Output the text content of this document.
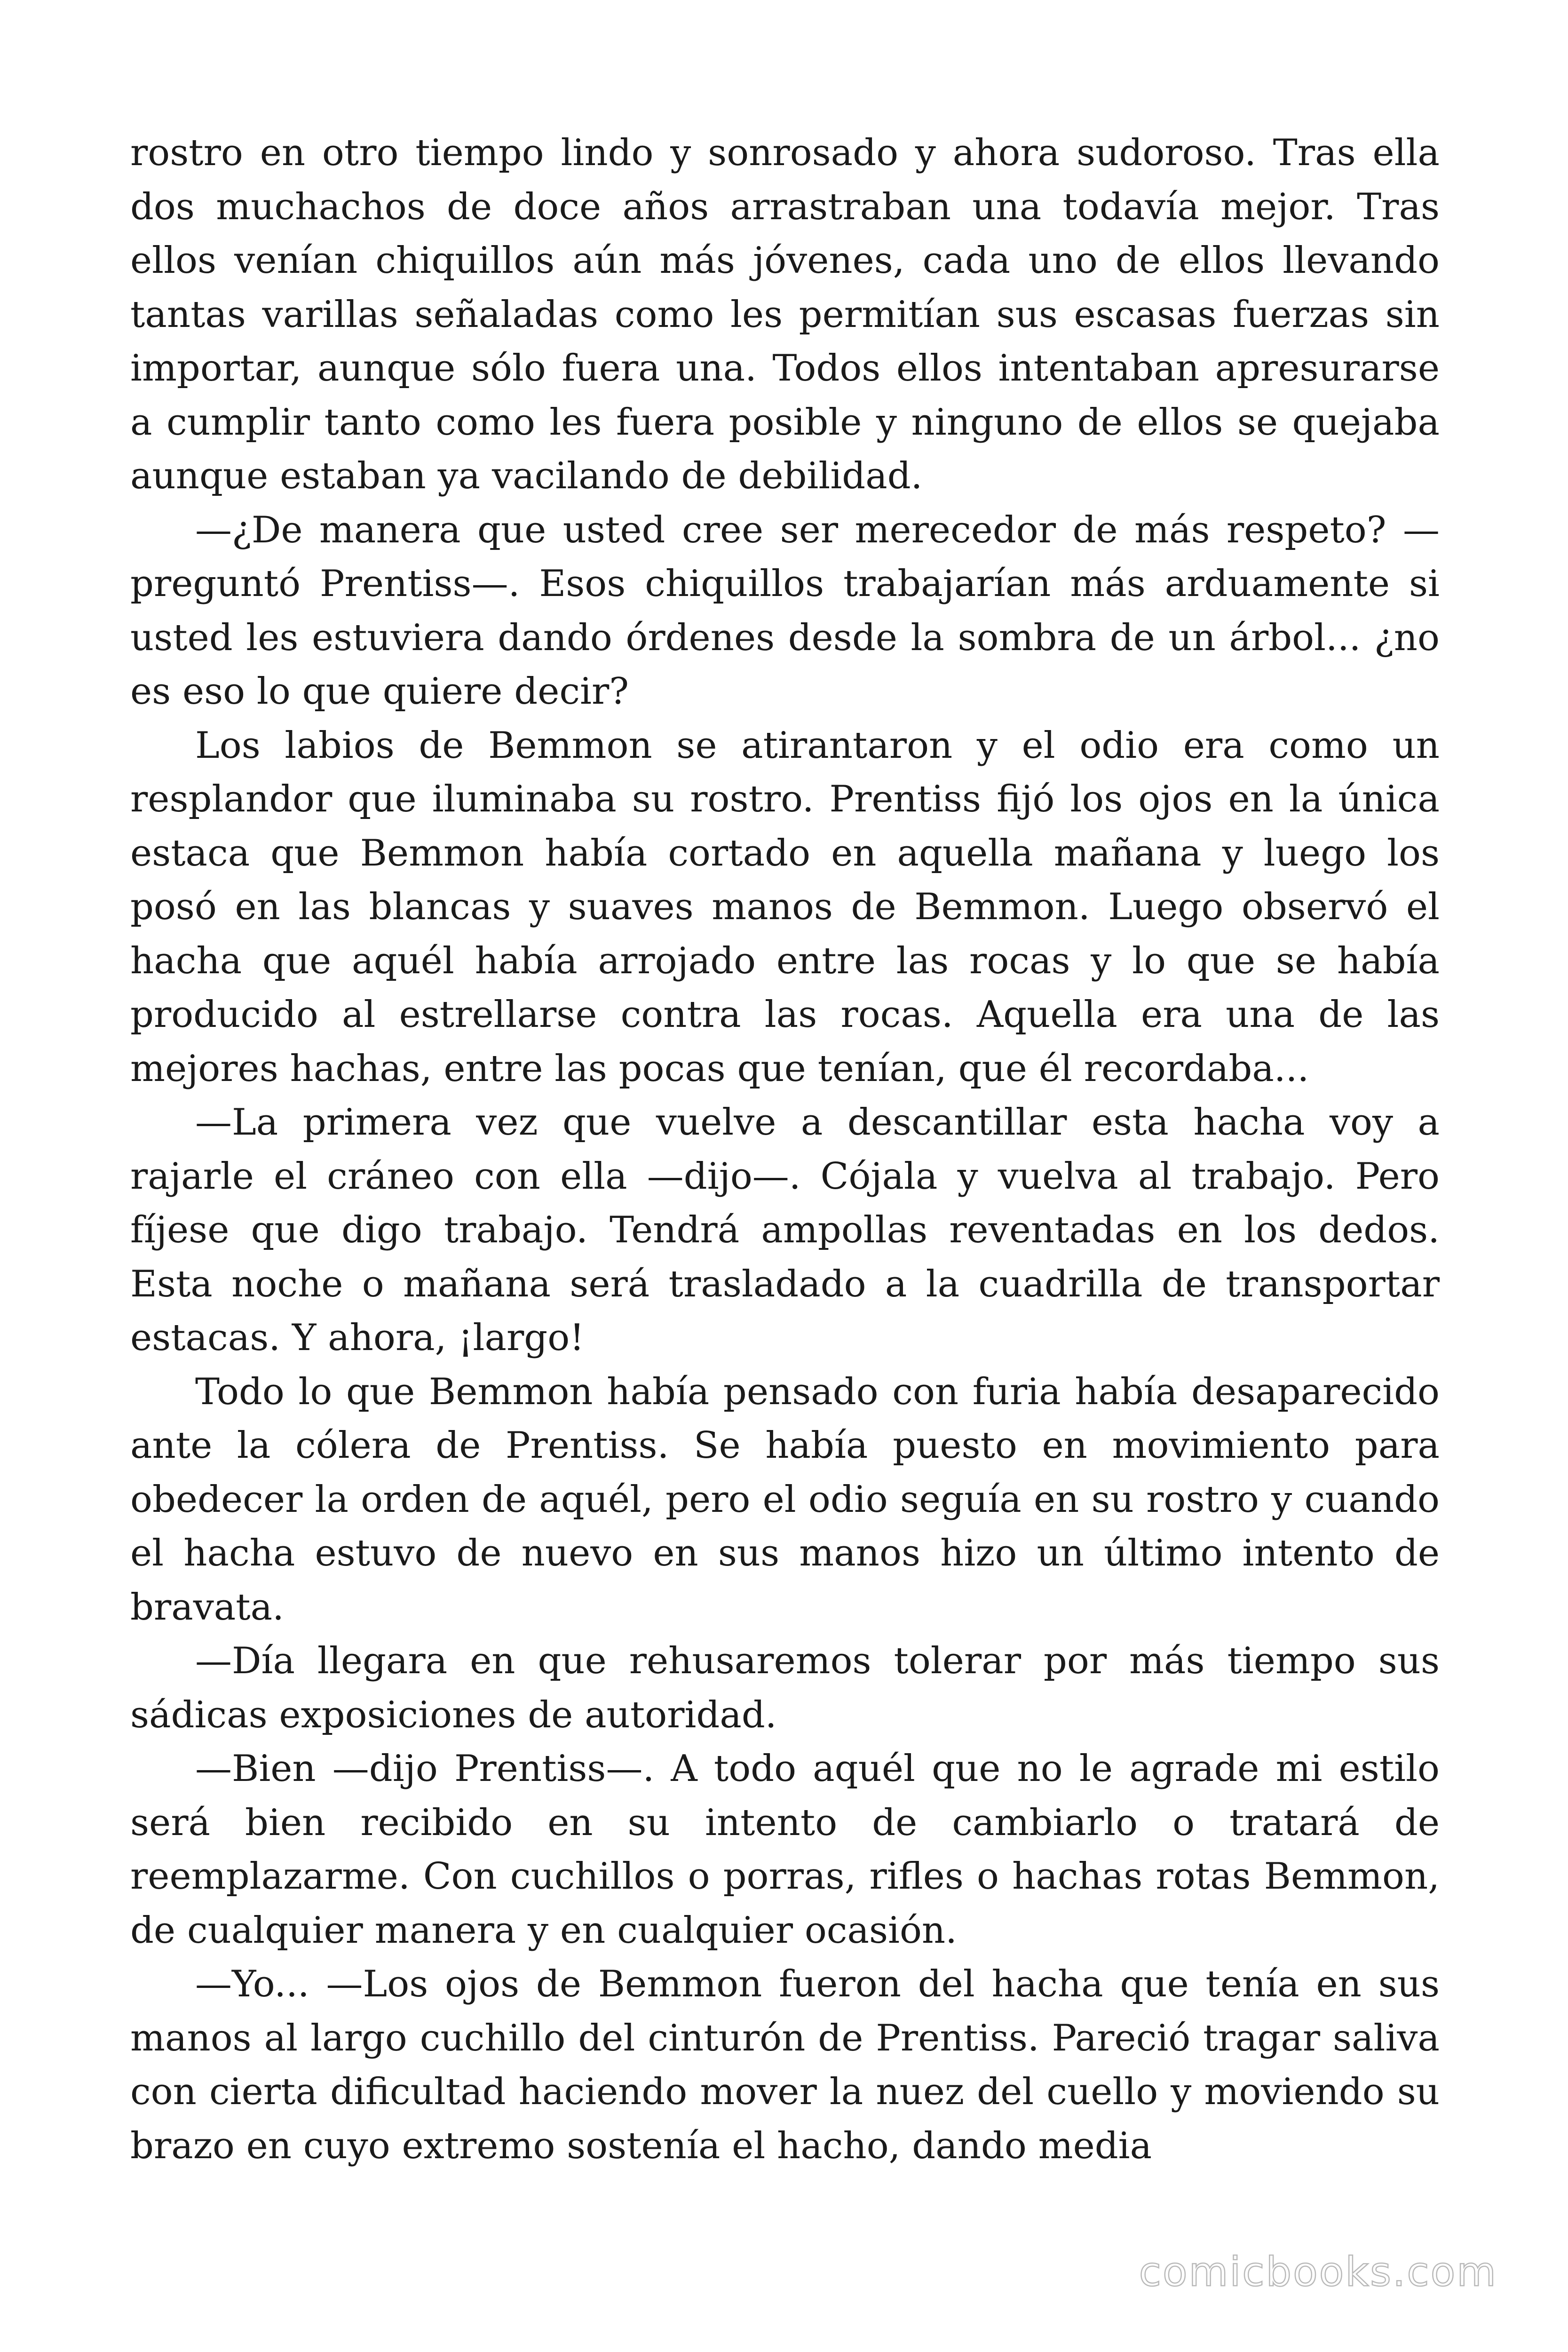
rostro en otro tiempo lindo y sonrosado y ahora sudoroso. Tras ella dos muchachos de doce años arrastraban una todavía mejor. Tras ellos venían chiquillos aún más jóvenes, cada uno de ellos llevando tantas varillas señaladas como les permitían sus escasas fuerzas sin importar, aunque sólo fuera una. Todos ellos intentaban apresurarse a cumplir tanto como les fuera posible y ninguno de ellos se quejaba aunque estaban ya vacilando de debilidad.

—¿De manera que usted cree ser merecedor de más respeto? —preguntó Prentiss—. Esos chiquillos trabajarían más arduamente si usted les estuviera dando órdenes desde la sombra de un árbol... ¿no es eso lo que quiere decir?

Los labios de Bemmon se atirantaron y el odio era como un resplandor que iluminaba su rostro. Prentiss fijó los ojos en la única estaca que Bemmon había cortado en aquella mañana y luego los posó en las blancas y suaves manos de Bemmon. Luego observó el hacha que aquél había arrojado entre las rocas y lo que se había producido al estrellarse contra las rocas. Aquella era una de las mejores hachas, entre las pocas que tenían, que él recordaba...

—La primera vez que vuelve a descantillar esta hacha voy a rajarle el cráneo con ella —dijo—. Cójala y vuelva al trabajo. Pero fíjese que digo trabajo. Tendrá ampollas reventadas en los dedos. Esta noche o mañana será trasladado a la cuadrilla de transportar estacas. Y ahora, ¡largo!

Todo lo que Bemmon había pensado con furia había desaparecido ante la cólera de Prentiss. Se había puesto en movimiento para obedecer la orden de aquél, pero el odio seguía en su rostro y cuando el hacha estuvo de nuevo en sus manos hizo un último intento de bravata.

—Día llegara en que rehusaremos tolerar por más tiempo sus sádicas exposiciones de autoridad.

—Bien —dijo Prentiss—. A todo aquél que no le agrade mi estilo será bien recibido en su intento de cambiarlo o tratará de reemplazarme. Con cuchillos o porras, rifles o hachas rotas Bemmon, de cualquier manera y en cualquier ocasión.

—Yo... —Los ojos de Bemmon fueron del hacha que tenía en sus manos al largo cuchillo del cinturón de Prentiss. Pareció tragar saliva con cierta dificultad haciendo mover la nuez del cuello y moviendo su brazo en cuyo extremo sostenía el hacho, dando media

comicbooks.com
